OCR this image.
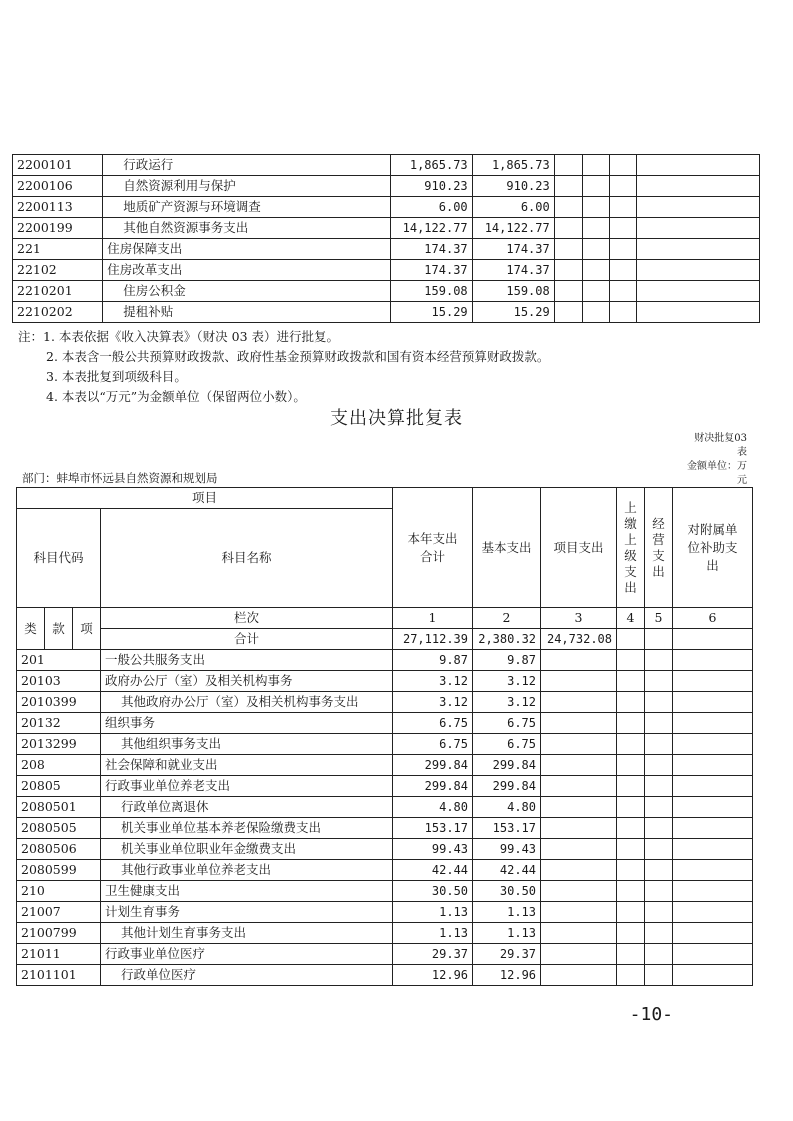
2200101	行政运行	1,865.73	1,865.73				
2200106	自然资源利用与保护	910.23	910.23				
2200113	地质矿产资源与环境调查	6.00	6.00				
2200199	其他自然资源事务支出	14,122.77	14,122.77				
221	住房保障支出	174.37	174.37				
22102	住房改革支出	174.37	174.37				
2210201	住房公积金	159.08	159.08				
2210202	提租补贴	15.29	15.29				
注：1. 本表依据《收入决算表》（财决 03 表）进行批复。
2. 本表含一般公共预算财政拨款、政府性基金预算财政拨款和国有资本经营预算财政拨款。
3. 本表批复到项级科目。
4. 本表以“万元”为金额单位（保留两位小数）。
支出决算批复表
财决批复03表
金额单位：万元
部门：蚌埠市怀远县自然资源和规划局
项目				本年支出合计	基本支出	项目支出	上缴上级支出	经营支出	对附属单位补助支出
科目代码			科目名称						
类	款	项	栏次	1	2	3	4	5	6
			合计	27,112.39	2,380.32	24,732.08			
201			一般公共服务支出	9.87	9.87				
20103			政府办公厅（室）及相关机构事务	3.12	3.12				
2010399			其他政府办公厅（室）及相关机构事务支出	3.12	3.12				
20132			组织事务	6.75	6.75				
2013299			其他组织事务支出	6.75	6.75				
208			社会保障和就业支出	299.84	299.84				
20805			行政事业单位养老支出	299.84	299.84				
2080501			行政单位离退休	4.80	4.80				
2080505			机关事业单位基本养老保险缴费支出	153.17	153.17				
2080506			机关事业单位职业年金缴费支出	99.43	99.43				
2080599			其他行政事业单位养老支出	42.44	42.44				
210			卫生健康支出	30.50	30.50				
21007			计划生育事务	1.13	1.13				
2100799			其他计划生育事务支出	1.13	1.13				
21011			行政事业单位医疗	29.37	29.37				
2101101			行政单位医疗	12.96	12.96				
-10-
